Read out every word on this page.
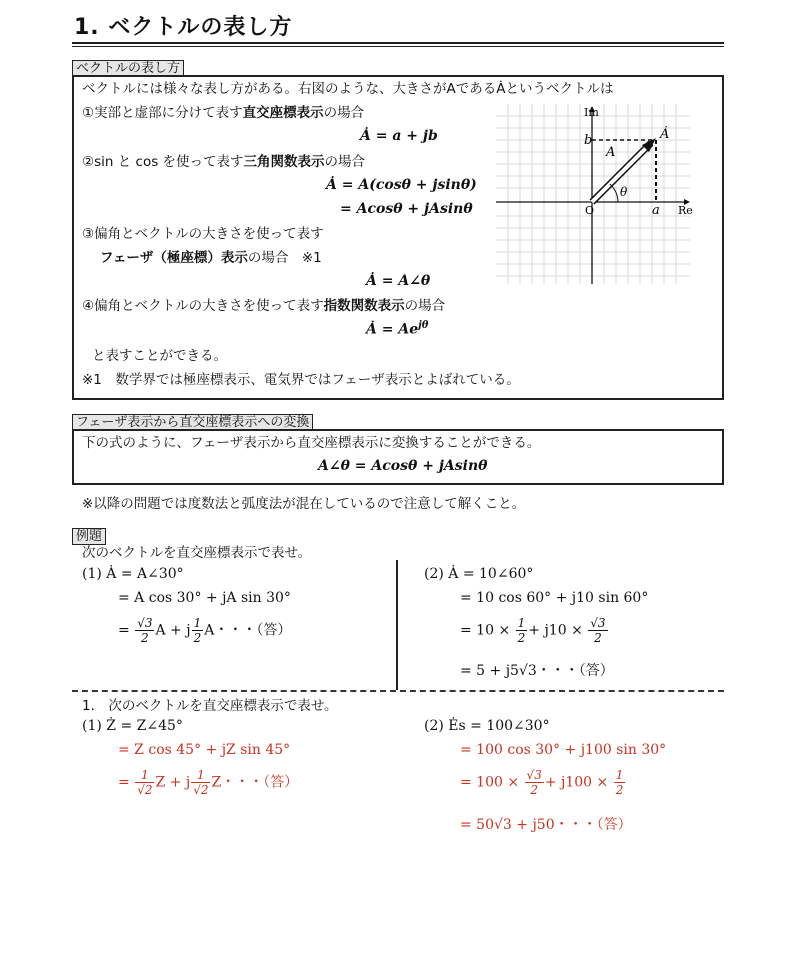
1. ベクトルの表し方
ベクトルの表し方
ベクトルには様々な表し方がある。右図のような、大きさがAであるȦというベクトルは
①実部と虚部に分けて表す直交座標表示の場合
Ȧ = a + jb
②sin と cos を使って表す三角関数表示の場合
Ȧ = A(cosθ + jsinθ)
= Acosθ + jAsinθ
③偏角とベクトルの大きさを使って表す
フェーザ（極座標）表示の場合　※1
Ȧ = A∠θ
④偏角とベクトルの大きさを使って表す指数関数表示の場合
Ȧ = $Ae^{j\theta}$
と表すことができる。
※1　数学界では極座標表示、電気界ではフェーザ表示とよばれている。
Im
Re
O
b
a
A
Ȧ
θ
フェーザ表示から直交座標表示への変換
下の式のように、フェーザ表示から直交座標表示に変換することができる。
A∠θ = Acosθ + jAsinθ
※以降の問題では度数法と弧度法が混在しているので注意して解くこと。
例題
次のベクトルを直交座標表示で表せ。
(1) Ȧ = A∠30°
= A cos 30° + jA sin 30°
= $\frac{√3}{2}$ A + j $\frac{1}{2}$ A・・・（答）
(2) Ȧ = 10∠60°
= 10 cos 60° + j10 sin 60°
= $10 \times \frac{1}{2} + j10 \times \frac{√3}{2}$
= 5 + j5√3・・・（答）
1.　次のベクトルを直交座標表示で表せ。
(1) Ż = Z∠45°
= Z cos 45° + jZ sin 45°
= $\frac{1}{√2}$ Z + j $\frac{1}{√2}$ Z・・・（答）
(2) Ės = 100∠30°
= 100 cos 30° + j100 sin 30°
= $100 \times \frac{√3}{2} + j100 \times \frac{1}{2}$
= 50√3 + j50・・・（答）
